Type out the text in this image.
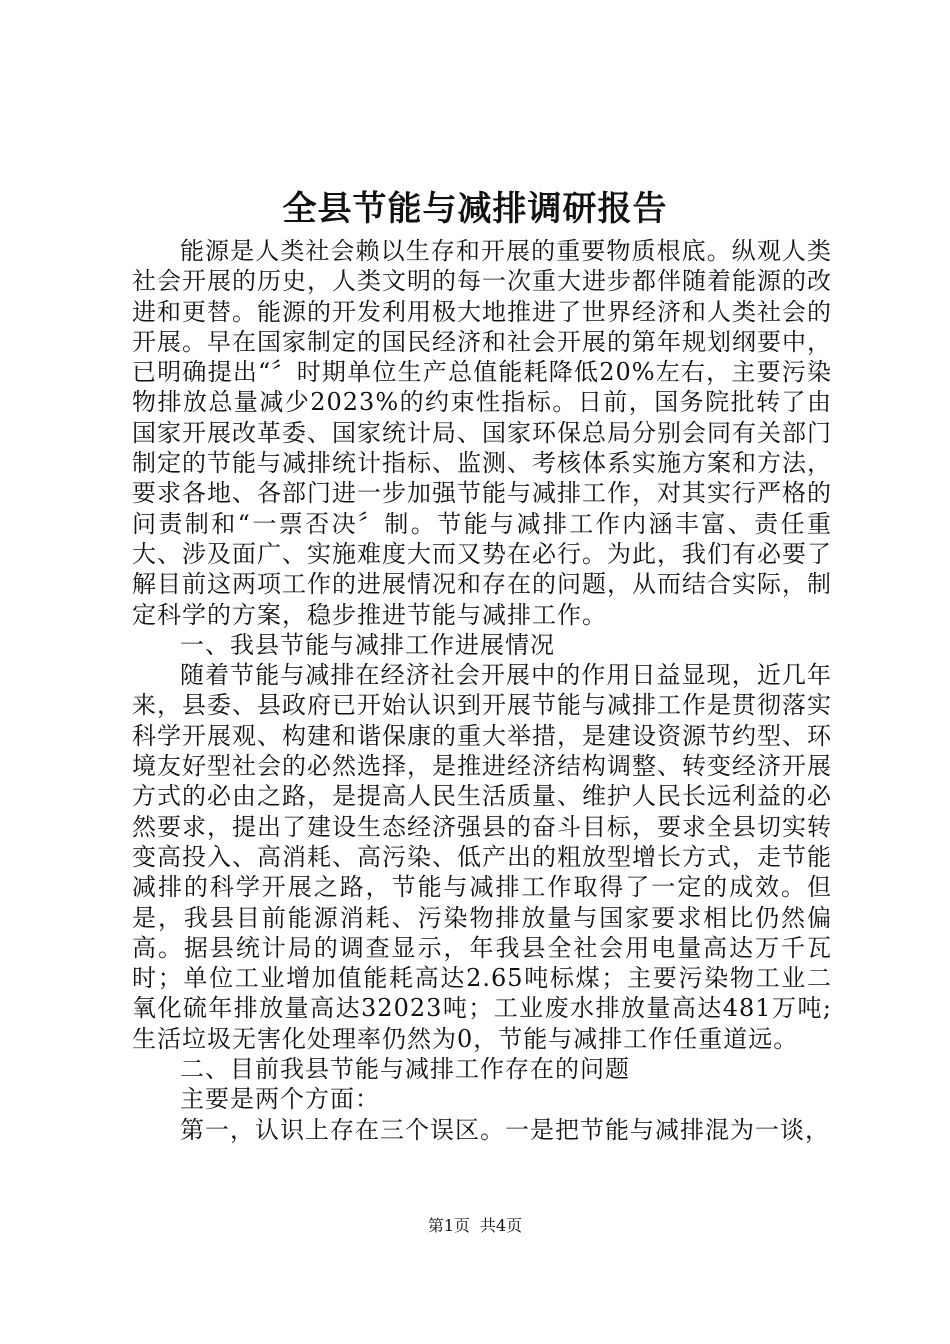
全县节能与减排调研报告

能源是人类社会赖以生存和开展的重要物质根底。纵观人类社会开展的历史，人类文明的每一次重大进步都伴随着能源的改进和更替。能源的开发利用极大地推进了世界经济和人类社会的开展。早在国家制定的国民经济和社会开展的第年规划纲要中，已明确提出“〞时期单位生产总值能耗降低20%左右，主要污染物排放总量减少2023%的约束性指标。日前，国务院批转了由国家开展改革委、国家统计局、国家环保总局分别会同有关部门制定的节能与减排统计指标、监测、考核体系实施方案和方法，要求各地、各部门进一步加强节能与减排工作，对其实行严格的问责制和“一票否决〞制。节能与减排工作内涵丰富、责任重大、涉及面广、实施难度大而又势在必行。为此，我们有必要了解目前这两项工作的进展情况和存在的问题，从而结合实际，制定科学的方案，稳步推进节能与减排工作。

一、我县节能与减排工作进展情况

随着节能与减排在经济社会开展中的作用日益显现，近几年来，县委、县政府已开始认识到开展节能与减排工作是贯彻落实科学开展观、构建和谐保康的重大举措，是建设资源节约型、环境友好型社会的必然选择，是推进经济结构调整、转变经济开展方式的必由之路，是提高人民生活质量、维护人民长远利益的必然要求，提出了建设生态经济强县的奋斗目标，要求全县切实转变高投入、高消耗、高污染、低产出的粗放型增长方式，走节能减排的科学开展之路，节能与减排工作取得了一定的成效。但是，我县目前能源消耗、污染物排放量与国家要求相比仍然偏高。据县统计局的调查显示，年我县全社会用电量高达万千瓦时；单位工业增加值能耗高达2.65吨标煤；主要污染物工业二氧化硫年排放量高达32023吨；工业废水排放量高达481万吨;生活垃圾无害化处理率仍然为0，节能与减排工作任重道远。

二、目前我县节能与减排工作存在的问题

主要是两个方面：

第一，认识上存在三个误区。一是把节能与减排混为一谈，

第1页 共4页
